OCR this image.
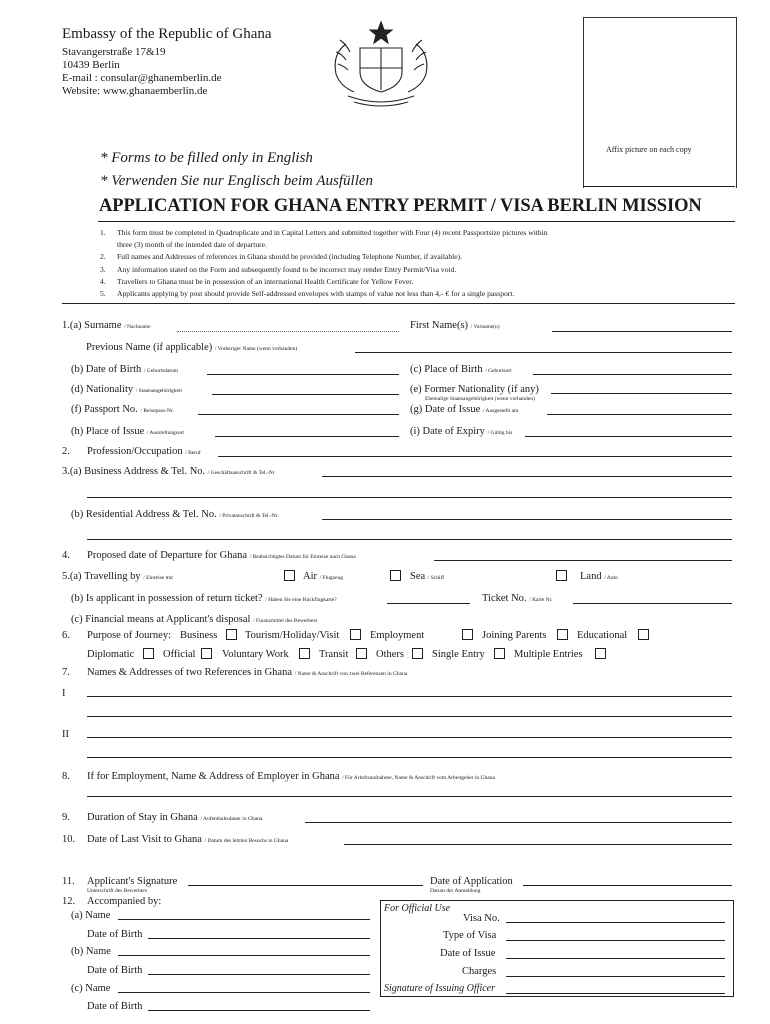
Embassy of the Republic of Ghana
Stavangerstraße 17&19
10439 Berlin
E-mail : consular@ghanemberlin.de
Website: www.ghanaemberlin.de
Affix picture on each copy
* Forms to be filled only in English
* Verwenden Sie nur Englisch beim Ausfüllen
APPLICATION FOR GHANA ENTRY PERMIT / VISA BERLIN MISSION
1. This form must be completed in Quadruplicate and in Capital Letters and submitted together with Four (4) recent Passportsize pictures within
three (3) month of the intended date of departure.
2. Full names and Addresses of references in Ghana should be provided (including Telephone Number, if available).
3. Any information stated on the Form and subsequently found to be incorrect may render Entry Permit/Visa void.
4. Travellers to Ghana must be in possession of an international Health Certificate for Yellow Fever.
5. Applicants applying by post should provide Self-addressed envelopes with stamps of value not less than 4,- € for a single passport.
1.(a) Surname / Nachname	First Name(s) / Vorname(n)
Previous Name (if applicable) / Vorheriger Name (wenn vorhanden)
(b) Date of Birth / Geburtsdatum	(c) Place of Birth / Geburtsort
(d) Nationality / Staatsangehörigkeit	(e) Former Nationality (if any)
Ehemalige Staatsangehörigkeit (wenn vorhanden)
(f) Passport No. / Reisepass-Nr.	(g) Date of Issue / Ausgestellt am
(h) Place of Issue / Ausstellungsort	(i) Date of Expiry / Gültig bis
2. Profession/Occupation / Beruf
3.(a) Business Address & Tel. No. / Geschäftsanschrift & Tel.-Nr
(b) Residential Address & Tel. No. / Privatanschrift & Tel.-Nr.
4. Proposed date of Departure for Ghana / Beabsichtigtes Datum für Einreise nach Ghana
5.(a) Travelling by / Einreise mit	Air / Flugzeug	Sea / Schiff	Land / Auto
(b) Is applicant in possession of return ticket? / Haben Sie eine Rückflugkarte?	Ticket No. / Karte Nr.
(c) Financial means at Applicant's disposal / Finanzmittel des Bewerbers
6. Purpose of Journey: Business	Tourism/Holiday/Visit	Employment	Joining Parents	Educational
Diplomatic	Official	Voluntary Work	Transit	Others	Single Entry	Multiple Entries
7. Names & Addresses of two References in Ghana / Name & Anschrift von zwei Referenzen in Ghana
I
II
8. If for Employment, Name & Address of Employer in Ghana / Für Arbeitsaufnahme, Name & Anschrift vom Arbeitgeber in Ghana
9. Duration of Stay in Ghana / Aufenthaltsdauer in Ghana
10. Date of Last Visit to Ghana / Datum des letzten Besuchs in Ghana
11. Applicant's Signature
Unterschrift des Bewerbers
Date of Application
Datum der Anmeldung
12. Accompanied by:
(a) Name
Date of Birth
(b) Name
Date of Birth
(c) Name
Date of Birth
For Official Use
Visa No.
Type of Visa
Date of Issue
Charges
Signature of Issuing Officer
